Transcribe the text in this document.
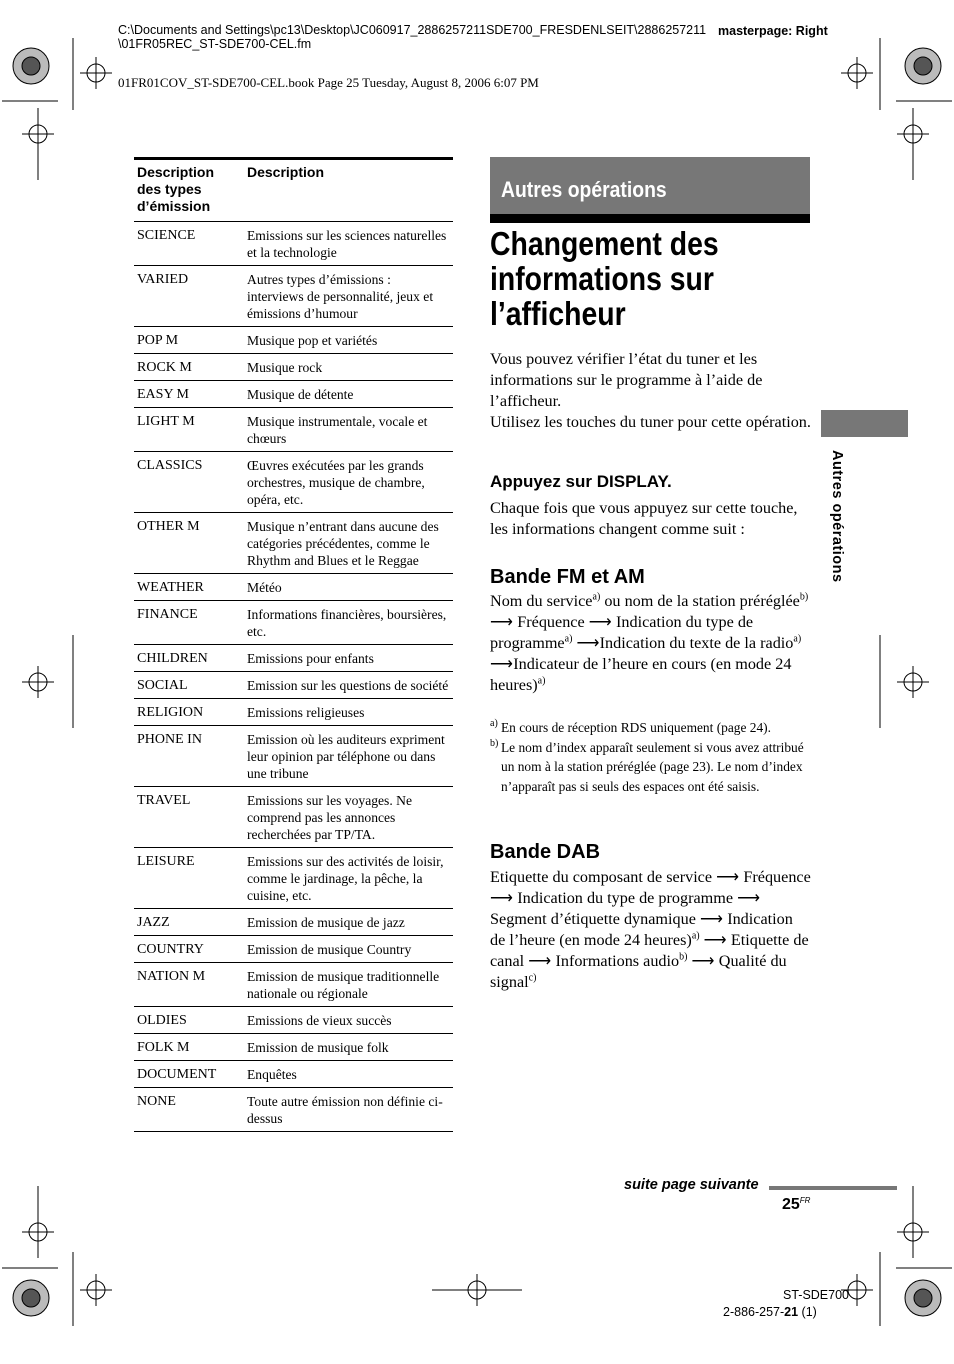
C:\Documents and Settings\pc13\Desktop\JC060917_2886257211SDE700_FRESDENLSEIT\2886257211\01FR05REC_ST-SDE700-CEL.fm
masterpage: Right
01FR01COV_ST-SDE700-CEL.book Page 25 Tuesday, August 8, 2006 6:07 PM
Description des types d’émission	Description
SCIENCE	Emissions sur les sciences naturelles et la technologie
VARIED	Autres types d’émissions : interviews de personnalité, jeux et émissions d’humour
POP M	Musique pop et variétés
ROCK M	Musique rock
EASY M	Musique de détente
LIGHT M	Musique instrumentale, vocale et chœurs
CLASSICS	Œuvres exécutées par les grands orchestres, musique de chambre, opéra, etc.
OTHER M	Musique n’entrant dans aucune des catégories précédentes, comme le Rhythm and Blues et le Reggae
WEATHER	Météo
FINANCE	Informations financières, boursières, etc.
CHILDREN	Emissions pour enfants
SOCIAL	Emission sur les questions de société
RELIGION	Emissions religieuses
PHONE IN	Emission où les auditeurs expriment leur opinion par téléphone ou dans une tribune
TRAVEL	Emissions sur les voyages. Ne comprend pas les annonces recherchées par TP/TA.
LEISURE	Emissions sur des activités de loisir, comme le jardinage, la pêche, la cuisine, etc.
JAZZ	Emission de musique de jazz
COUNTRY	Emission de musique Country
NATION M	Emission de musique traditionnelle nationale ou régionale
OLDIES	Emissions de vieux succès
FOLK M	Emission de musique folk
DOCUMENT	Enquêtes
NONE	Toute autre émission non définie ci-dessus
Autres opérations
Changement des informations sur l’afficheur
Vous pouvez vérifier l’état du tuner et les informations sur le programme à l’aide de l’afficheur.
Utilisez les touches du tuner pour cette opération.
Appuyez sur DISPLAY.
Chaque fois que vous appuyez sur cette touche, les informations changent comme suit :
Bande FM et AM
Nom du service$^{a)}$ ou nom de la station préréglée$^{b)}$ ⟶ Fréquence ⟶ Indication du type de programme$^{a)}$ ⟶Indication du texte de la radio$^{a)}$ ⟶Indicateur de l’heure en cours (en mode 24 heures)$^{a)}$
a) En cours de réception RDS uniquement (page 24).
b) Le nom d’index apparaît seulement si vous avez attribué un nom à la station préréglée (page 23). Le nom d’index n’apparaît pas si seuls des espaces ont été saisis.
Bande DAB
Etiquette du composant de service ⟶ Fréquence ⟶ Indication du type de programme ⟶ Segment d’étiquette dynamique ⟶ Indication de l’heure (en mode 24 heures)$^{a)}$ ⟶ Etiquette de canal ⟶ Informations audio$^{b)}$ ⟶ Qualité du signal$^{c)}$
Autres opérations
suite page suivante
$25^{FR}$
ST-SDE700
2-886-257-21 (1)
